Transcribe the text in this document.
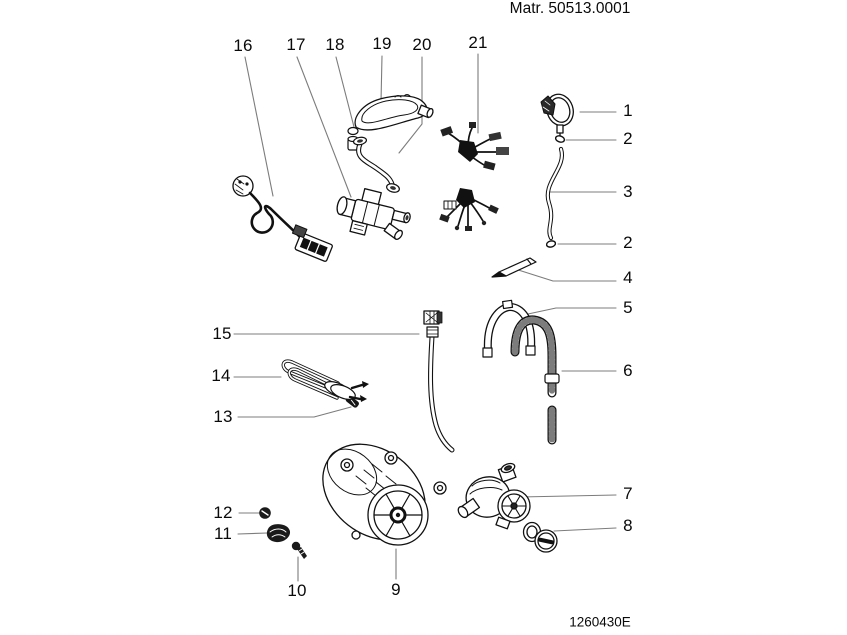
Matr. 50513.0001
1
2
3
2
4
5
6
7
8
9
10
11
12
13
14
15
16 17 18 19 20 21
1260430E
